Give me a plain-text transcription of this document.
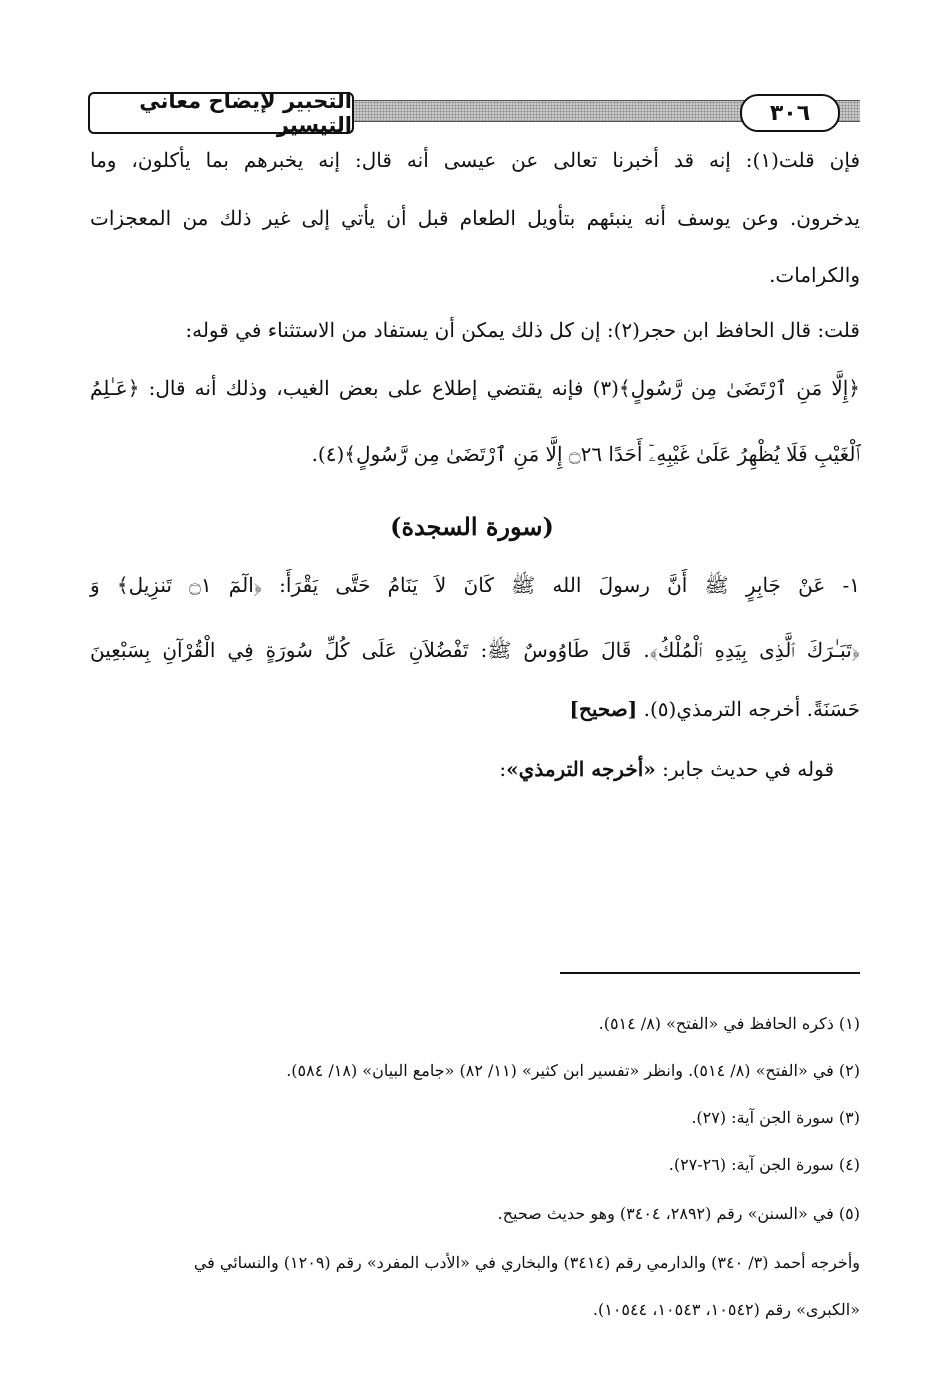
التحبير لإيضاح معاني التيسير	٣٠٦
فإن قلت(١): إنه قد أخبرنا تعالى عن عيسى أنه قال: إنه يخبرهم بما يأكلون، وما
يدخرون. وعن يوسف أنه ينبئهم بتأويل الطعام قبل أن يأتي إلى غير ذلك من المعجزات
والكرامات.
قلت: قال الحافظ ابن حجر(٢): إن كل ذلك يمكن أن يستفاد من الاستثناء في قوله:
﴿إِلَّا مَنِ ٱرْتَضَىٰ مِن رَّسُولٍ﴾(٣) فإنه يقتضي إطلاع على بعض الغيب، وذلك أنه قال: ﴿عَـٰلِمُ
ٱلْغَيْبِ فَلَا يُظْهِرُ عَلَىٰ غَيْبِهِۦٓ أَحَدًا ۝٢٦ إِلَّا مَنِ ٱرْتَضَىٰ مِن رَّسُولٍ﴾(٤).
(سورة السجدة)
١- عَنْ جَابِرٍ ﷺ أَنَّ رسولَ الله ﷺ كَانَ لاَ يَنَامُ حَتَّى يَقْرَأَ: ﴿الٓمٓ ۝١ تَنزِيل﴾ وَ
﴿تَبَـٰرَكَ ٱلَّذِى بِيَدِهِ ٱلْمُلْكُ﴾. قَالَ طَاوُوسٌ ﷺ: تَفْضُلاَنِ عَلَى كُلِّ سُورَةٍ فِي الْقُرْآنِ بِسَبْعِينَ
حَسَنَةً. أخرجه الترمذي(٥). [صحيح]
قوله في حديث جابر: «أخرجه الترمذي»:
(١) ذكره الحافظ في «الفتح» (٨/ ٥١٤).
(٢) في «الفتح» (٨/ ٥١٤). وانظر «تفسير ابن كثير» (١١/ ٨٢) «جامع البيان» (١٨/ ٥٨٤).
(٣) سورة الجن آية: (٢٧).
(٤) سورة الجن آية: (٢٦-٢٧).
(٥) في «السنن» رقم (٢٨٩٢، ٣٤٠٤) وهو حديث صحيح.
وأخرجه أحمد (٣/ ٣٤٠) والدارمي رقم (٣٤١٤) والبخاري في «الأدب المفرد» رقم (١٢٠٩) والنسائي في
«الكبرى» رقم (١٠٥٤٢، ١٠٥٤٣، ١٠٥٤٤).
